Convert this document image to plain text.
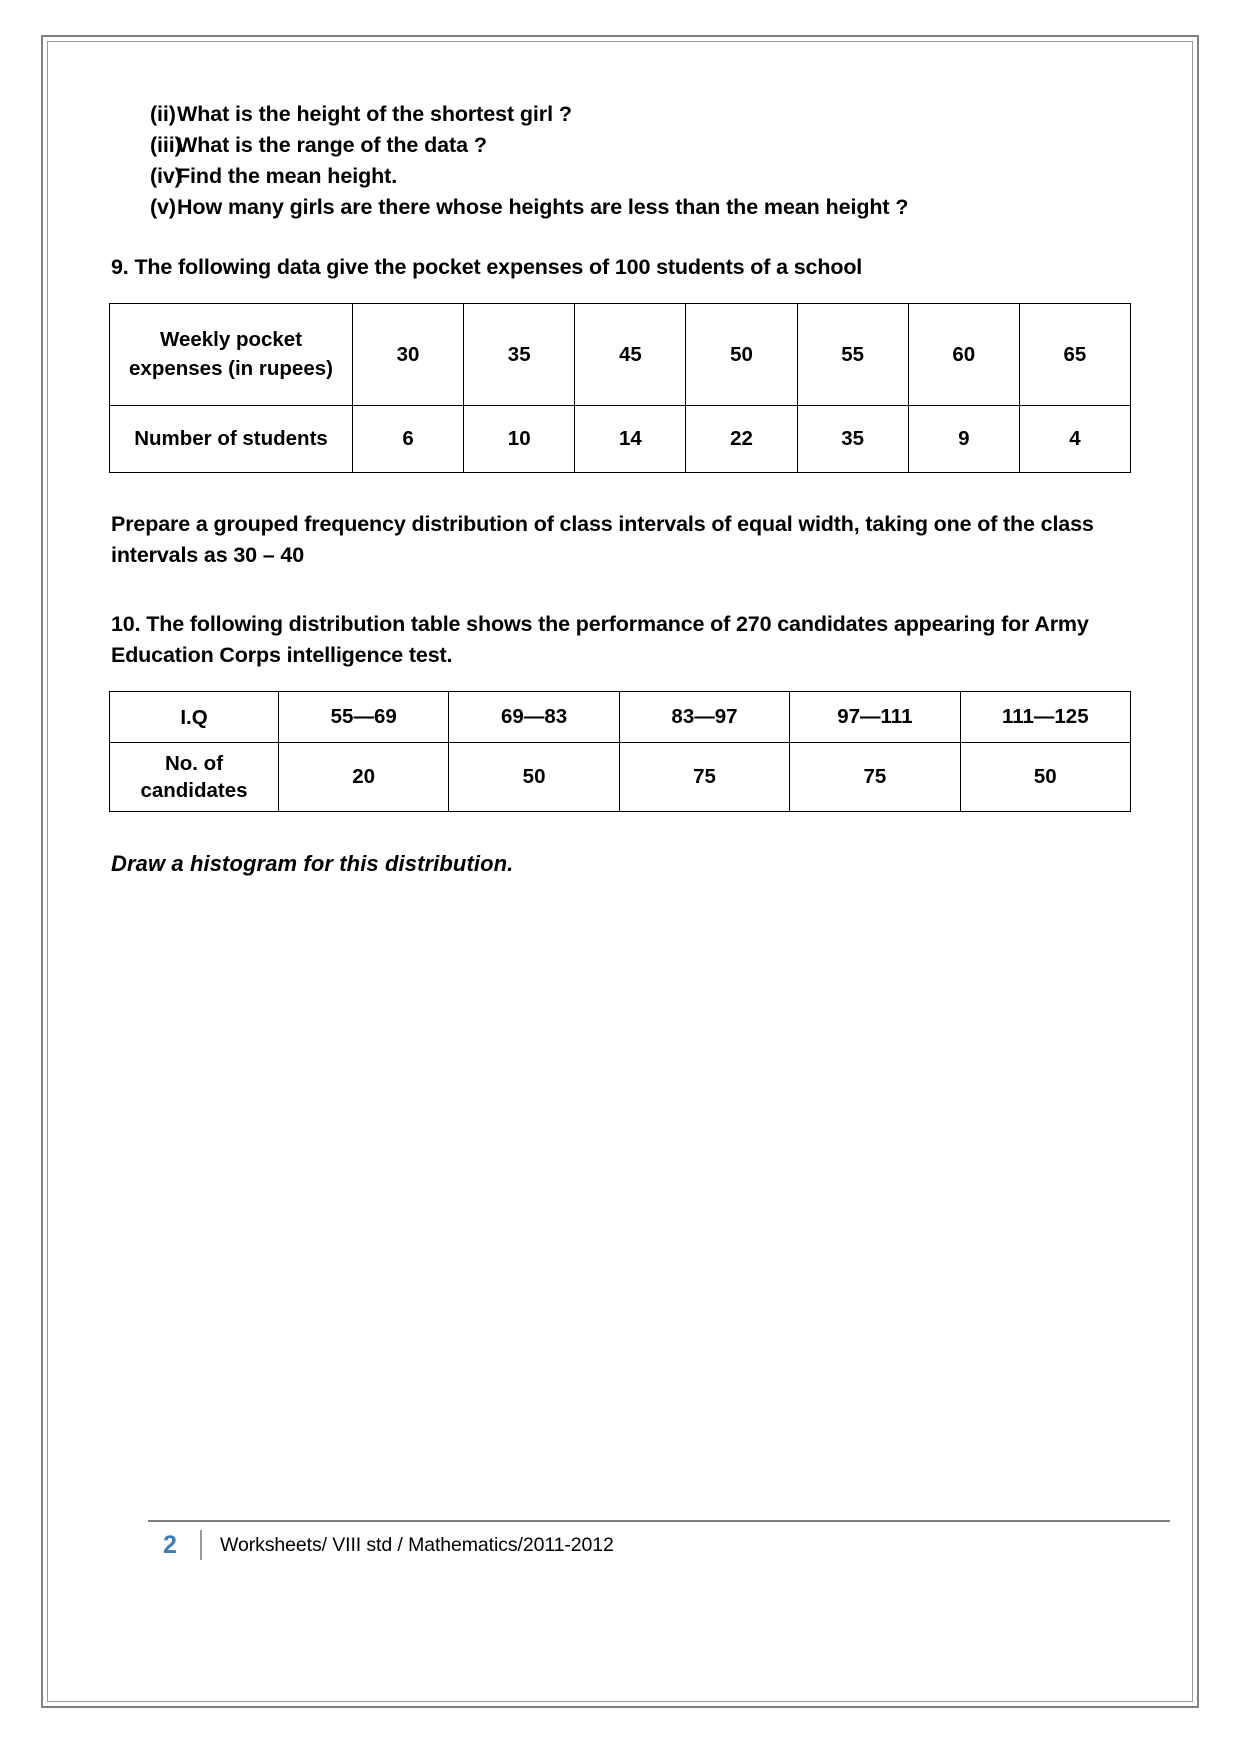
(ii) What is the height of the shortest girl ?
(iii)
What is the range of the data ?
(iv)
Find the mean height.
(v) How many girls are there whose heights are less than the mean height ?

9. The following data give the pocket expenses of 100 students of a school

Weekly pocket expenses (in rupees)	30	35	45	50	55	60	65
Number of students	6	10	14	22	35	9	4

Prepare a grouped frequency distribution of class intervals of equal width, taking one of the class intervals as 30 – 40

10. The following distribution table shows the performance of 270 candidates appearing for Army Education Corps intelligence test.

I.Q	55—69	69—83	83—97	97—111	111—125
No. of candidates	20	50	75	75	50

Draw a histogram for this distribution.

2	Worksheets/ VIII std / Mathematics/2011-2012
